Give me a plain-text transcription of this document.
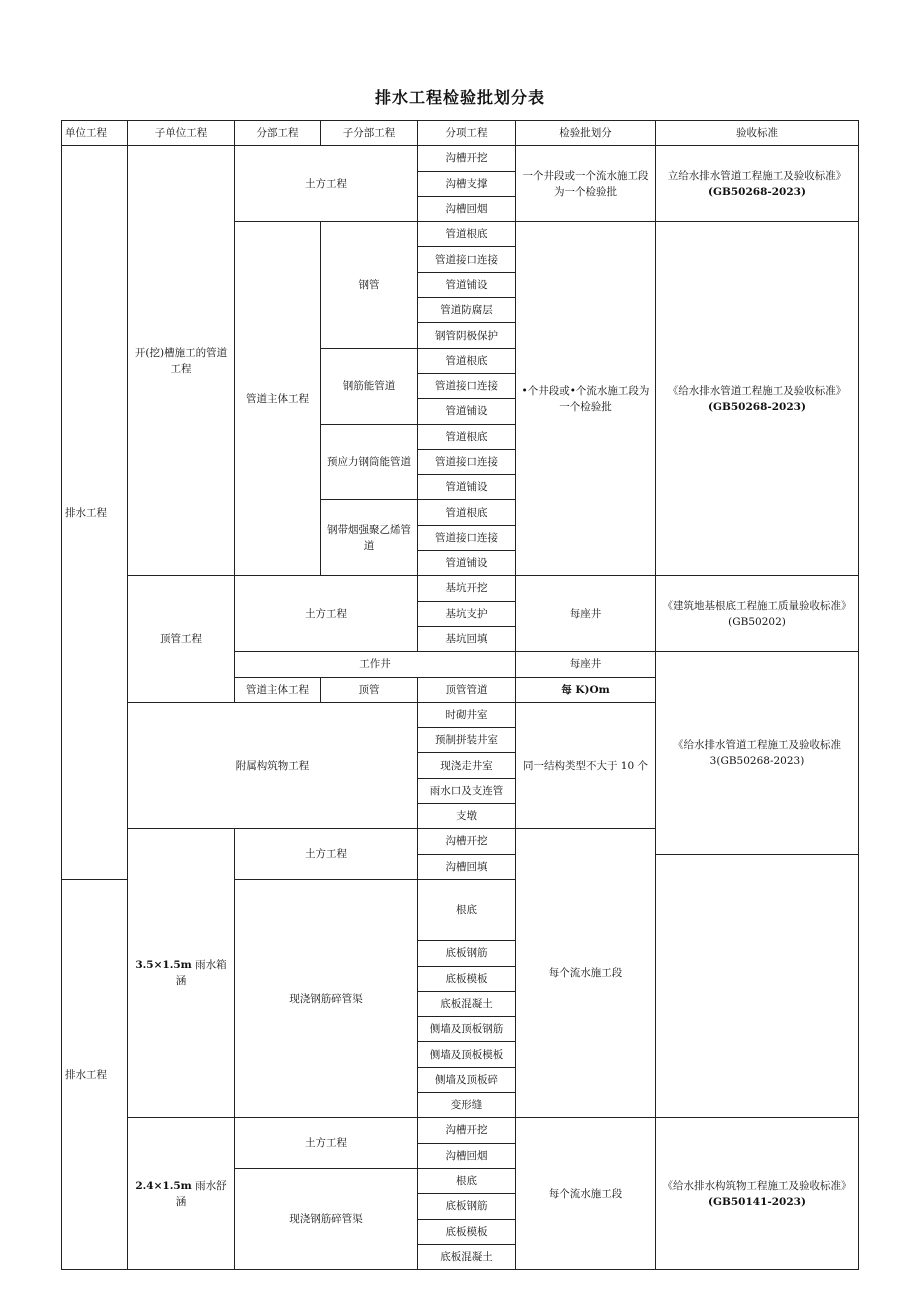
排水工程检验批划分表
单位工程	子单位工程	分部工程	子分部工程	分项工程	检验批划分	验收标准	
排水工程	开(挖)槽施工的管道工程	土方工程		沟槽开挖	一个井段或一个流水施工段为一个检验批	立给水排水管道工程施工及验收标准》
(GB50268-2023)	
				沟槽支撑			
				沟槽回烟			
		管道主体工程	钢管	管道根底	•个井段或•个流水施工段为一个检验批	《给水排水管道工程施工及验收标准》
(GB50268-2023)	
				管道接口连接			
				管道铺设			
				管道防腐层			
				钢管阴极保护			
			钢筋能管道	管道根底			
				管道接口连接			
				管道铺设			
			预应力钢筒能管道	管道根底			
				管道接口连接			
				管道铺设			
			钢带烟强聚乙烯管道	管道根底			
				管道接口连接			
				管道铺设			
	顶管工程	土方工程		基坑开挖	每座井	《建筑地基根底工程施工质量验收标准》(GB50202)	
				基坑支护			
				基坑回填			
		工作井			每座井	《给水排水管道工程施工及验收标准3(GB50268-2023)	
		管道主体工程	顶管	顶管管道	每 K)Om		
	附属构筑物工程			时砌井室	同一结构类型不大于 10 个		
				预制拼装井室			
				现浇走井室			
				雨水口及支连管			
				支墩			
	3.5×1.5m 雨水箱涵	土方工程		沟槽开挖	每个流水施工段	
				沟槽回填			
排水工程		现浇钢筋碎管渠		根底			
				底板钢筋			
				底板模板			
				底板混凝土			
				侧墙及顶板钢筋			
				侧墙及顶板模板			
				侧墙及顶板碎			
				变形缝			
	2.4×1.5m 雨水舒涵	土方工程		沟槽开挖	每个流水施工段	《给水排水构筑物工程施工及验收标准》
(GB50141-2023)	
				沟槽回烟			
		现浇钢筋碎管渠		根底			
				底板钢筋			
				底板模板			
				底板混凝土			
